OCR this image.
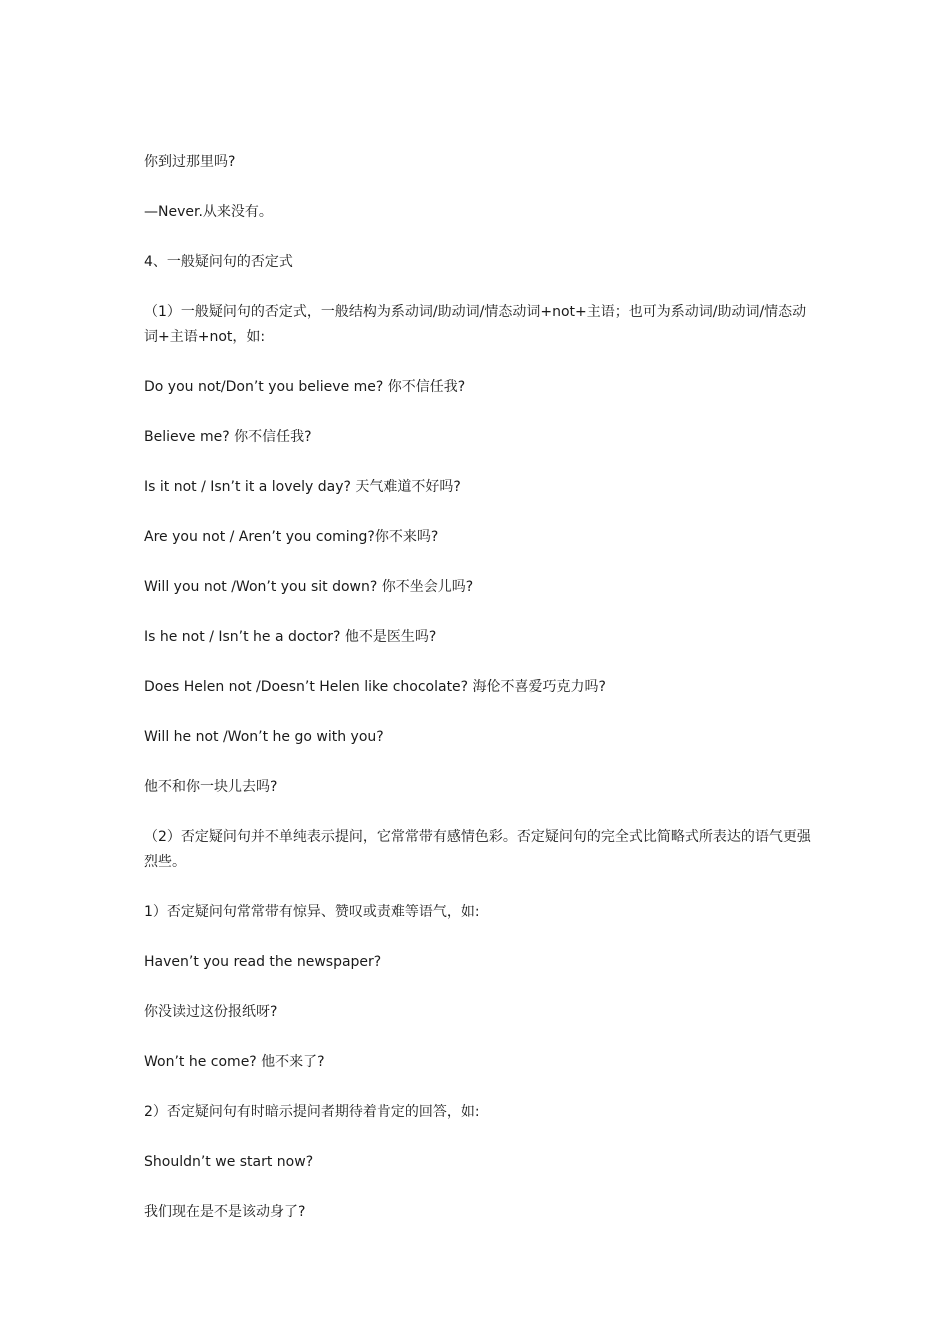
你到过那里吗?

—Never.从来没有。

4、一般疑问句的否定式

（1）一般疑问句的否定式，一般结构为系动词/助动词/情态动词+not+主语；也可为系动词/助动词/情态动词+主语+not，如:

Do you not/Don’t you believe me? 你不信任我?

Believe me? 你不信任我?

Is it not / Isn’t it a lovely day? 天气难道不好吗?

Are you not / Aren’t you coming?你不来吗?

Will you not /Won’t you sit down? 你不坐会儿吗?

Is he not / Isn’t he a doctor? 他不是医生吗?

Does Helen not /Doesn’t Helen like chocolate? 海伦不喜爱巧克力吗?

Will he not /Won’t he go with you?

他不和你一块儿去吗?

（2）否定疑问句并不单纯表示提问，它常常带有感情色彩。否定疑问句的完全式比简略式所表达的语气更强烈些。

1）否定疑问句常常带有惊异、赞叹或责难等语气，如:

Haven’t you read the newspaper?

你没读过这份报纸呀?

Won’t he come? 他不来了?

2）否定疑问句有时暗示提问者期待着肯定的回答，如:

Shouldn’t we start now?

我们现在是不是该动身了?
